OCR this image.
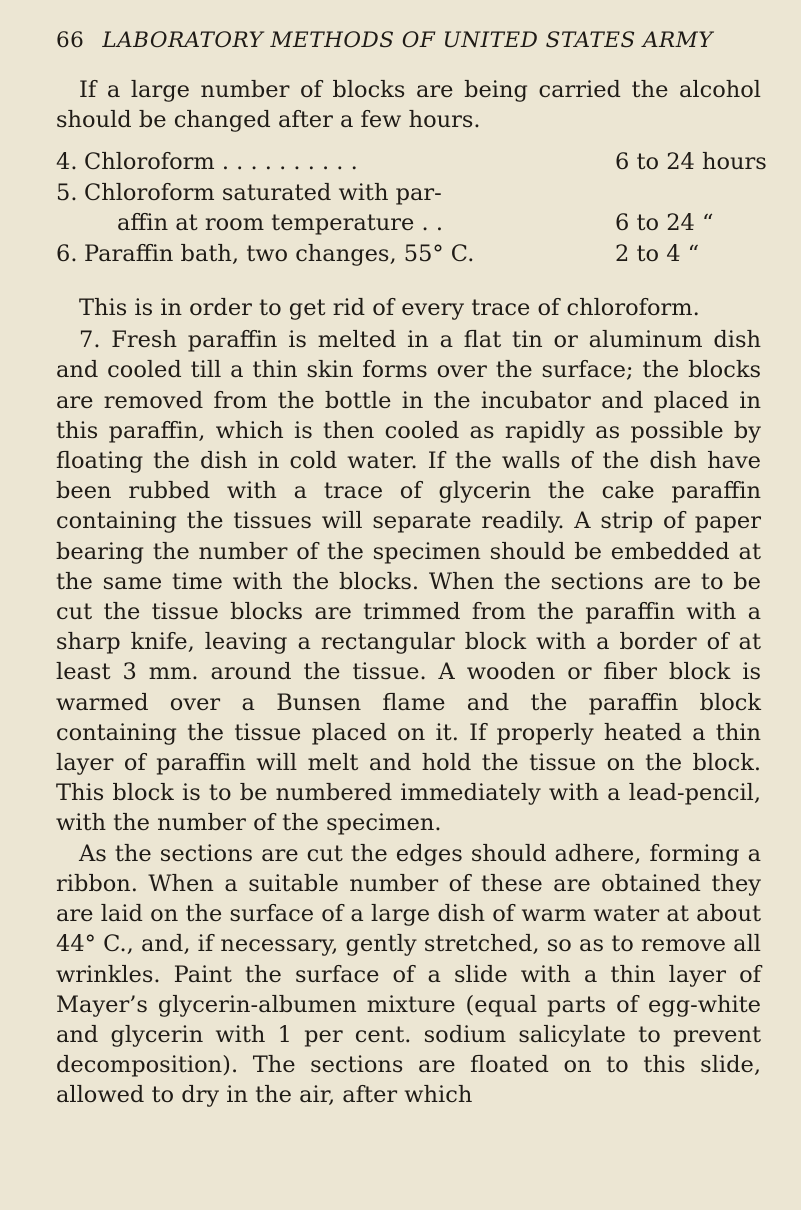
66 LABORATORY METHODS OF UNITED STATES ARMY

If a large number of blocks are being carried the alcohol should be changed after a few hours.

4. Chloroform . . . . . . . . . .	6 to 24 hours
5. Chloroform saturated with par-
affin at room temperature . .	6 to 24 “
6. Paraffin bath, two changes, 55° C.	2 to 4 “

This is in order to get rid of every trace of chloroform.

7. Fresh paraffin is melted in a flat tin or aluminum dish and cooled till a thin skin forms over the surface; the blocks are removed from the bottle in the incubator and placed in this paraffin, which is then cooled as rapidly as possible by floating the dish in cold water. If the walls of the dish have been rubbed with a trace of glycerin the cake paraffin containing the tissues will separate readily. A strip of paper bearing the number of the specimen should be embedded at the same time with the blocks. When the sections are to be cut the tissue blocks are trimmed from the paraffin with a sharp knife, leaving a rectangular block with a border of at least 3 mm. around the tissue. A wooden or fiber block is warmed over a Bunsen flame and the paraffin block containing the tissue placed on it. If properly heated a thin layer of paraffin will melt and hold the tissue on the block. This block is to be numbered immediately with a lead-pencil, with the number of the specimen.

As the sections are cut the edges should adhere, forming a ribbon. When a suitable number of these are obtained they are laid on the surface of a large dish of warm water at about 44° C., and, if necessary, gently stretched, so as to remove all wrinkles. Paint the surface of a slide with a thin layer of Mayer’s glycerin-albumen mixture (equal parts of egg-white and glycerin with 1 per cent. sodium salicylate to prevent decomposition). The sections are floated on to this slide, allowed to dry in the air, after which
